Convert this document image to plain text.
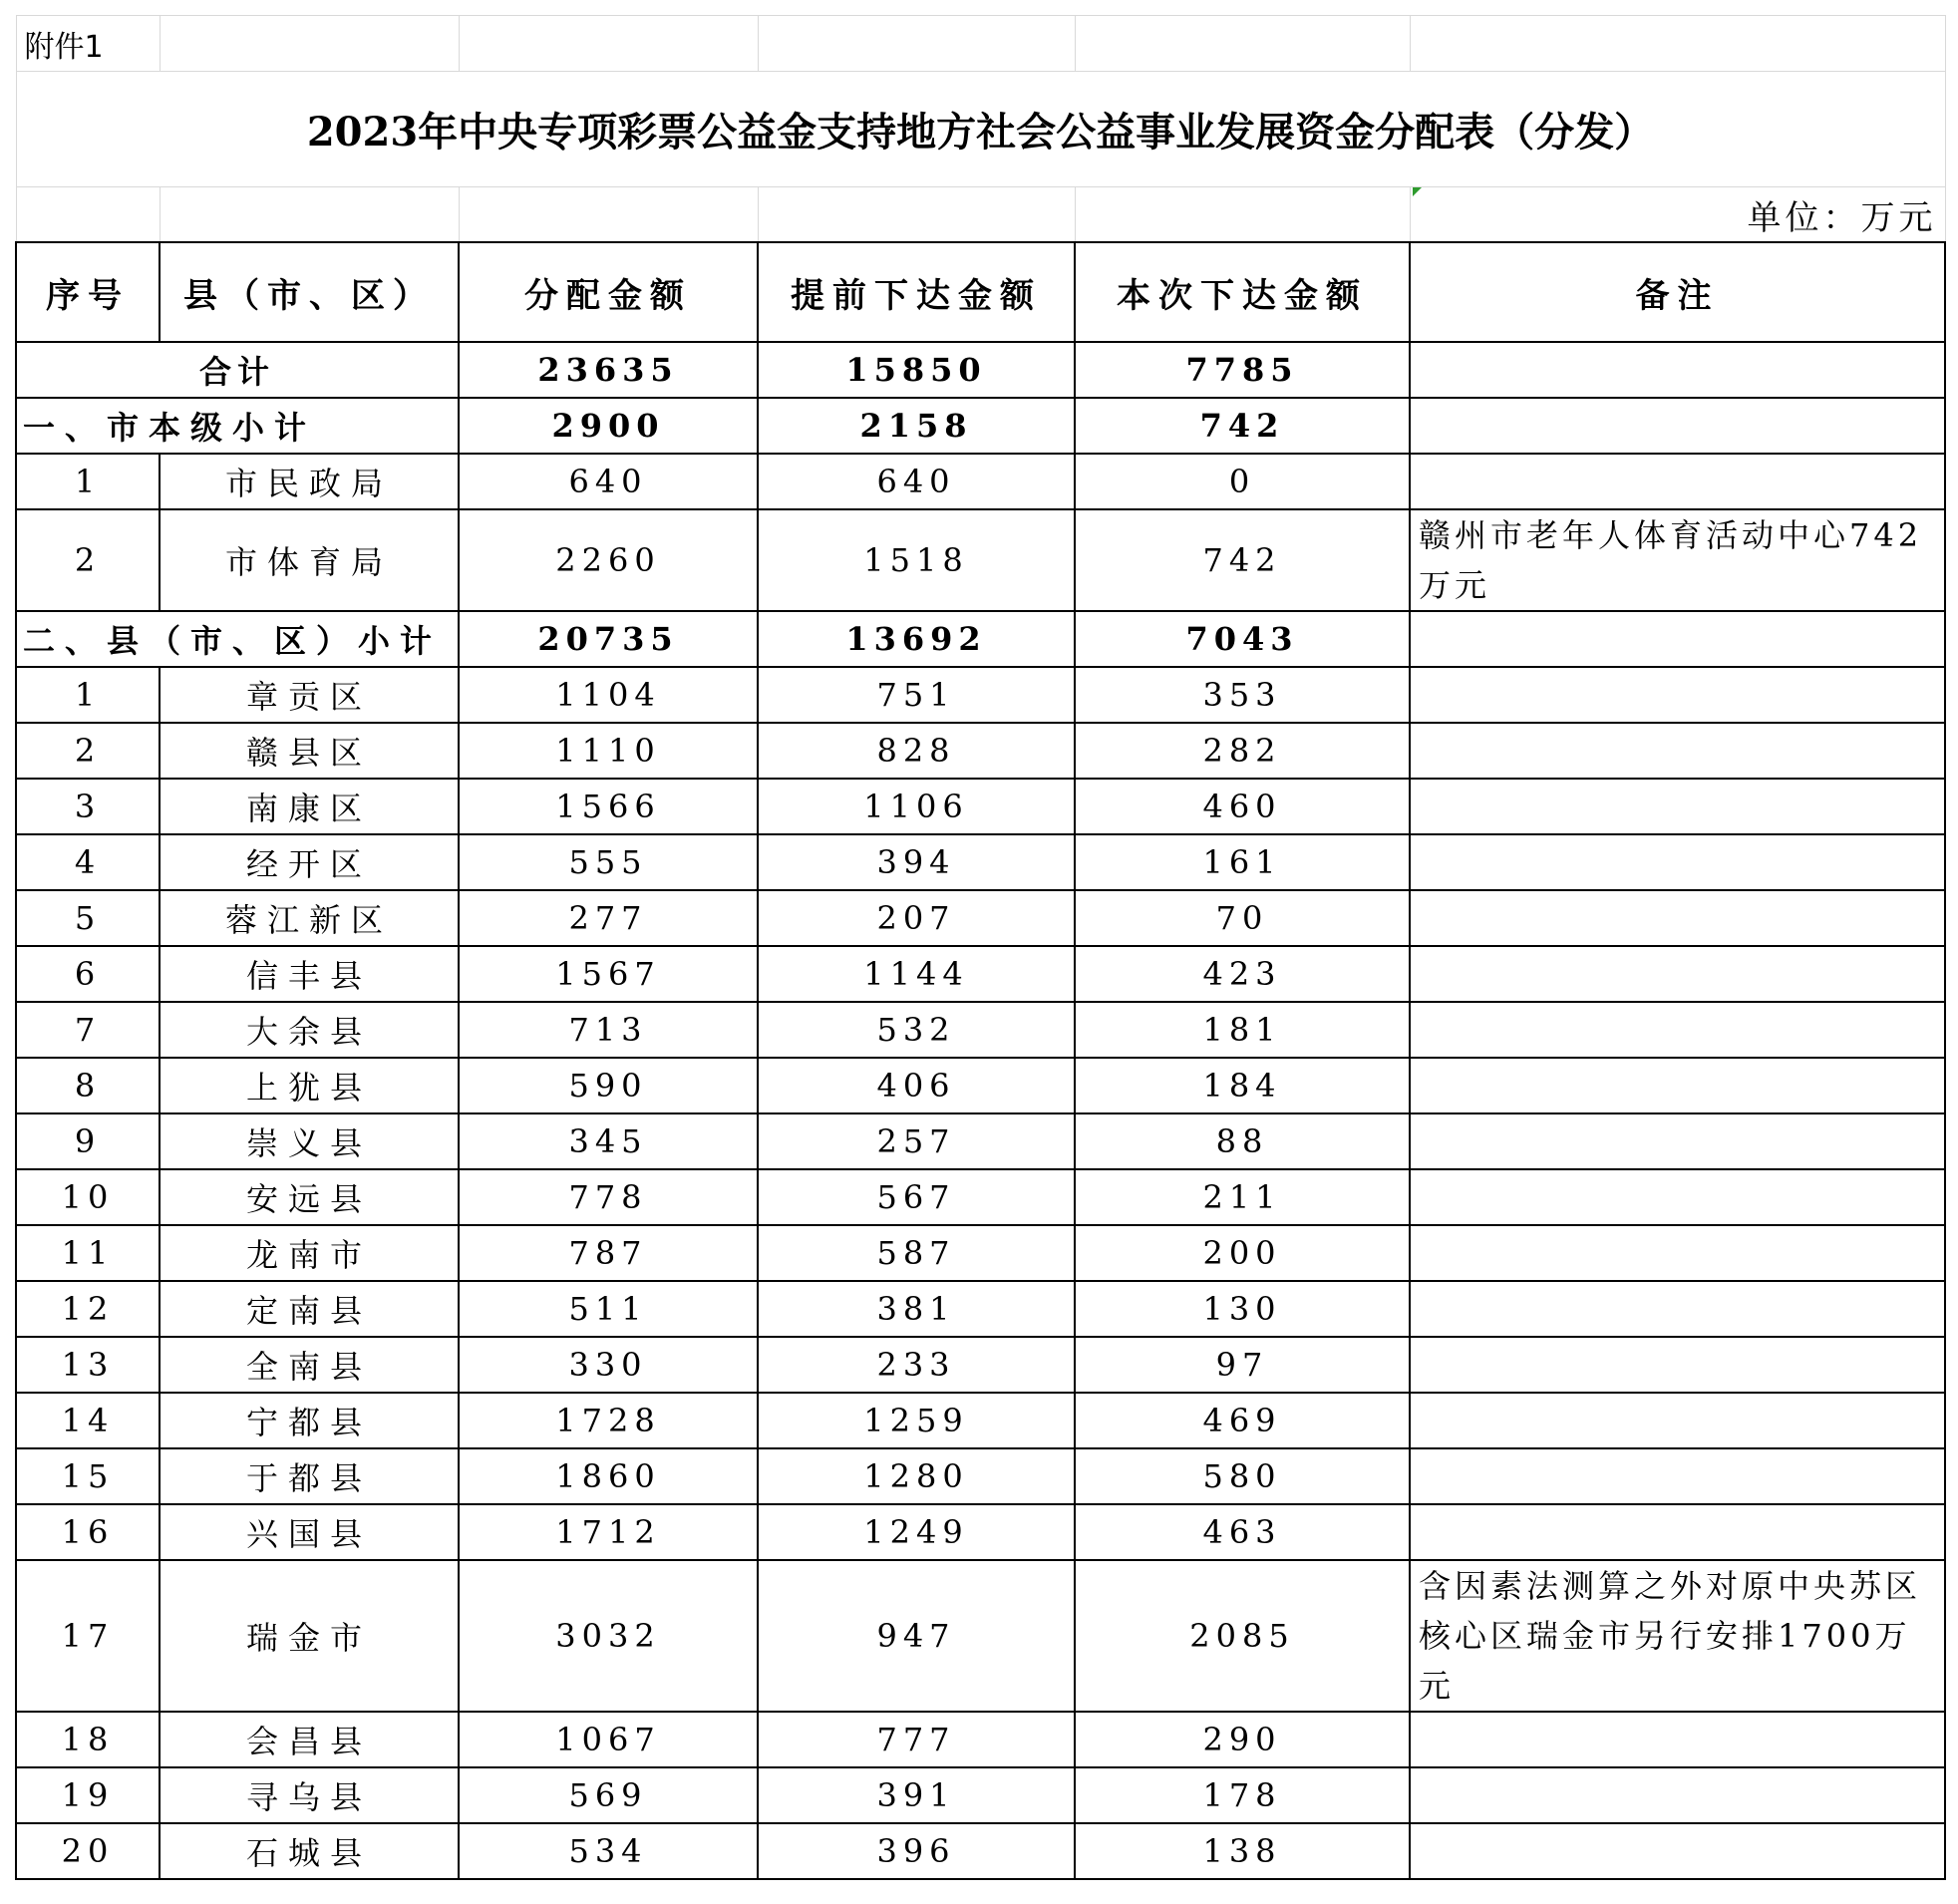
附件1					
2023年中央专项彩票公益金支持地方社会公益事业发展资金分配表（分发）					

单位：万元
序号	县（市、区）	分配金额	提前下达金额	本次下达金额	备注
合计		23635	15850	7785	
一、市本级小计		2900	2158	742	
1	市民政局	640	640	0	
2	市体育局	2260	1518	742	赣州市老年人体育活动中心742万元
二、县（市、区）小计		20735	13692	7043	
1	章贡区	1104	751	353	
2	赣县区	1110	828	282	
3	南康区	1566	1106	460	
4	经开区	555	394	161	
5	蓉江新区	277	207	70	
6	信丰县	1567	1144	423	
7	大余县	713	532	181	
8	上犹县	590	406	184	
9	崇义县	345	257	88	
10	安远县	778	567	211	
11	龙南市	787	587	200	
12	定南县	511	381	130	
13	全南县	330	233	97	
14	宁都县	1728	1259	469	
15	于都县	1860	1280	580	
16	兴国县	1712	1249	463	
17	瑞金市	3032	947	2085	含因素法测算之外对原中央苏区核心区瑞金市另行安排1700万元
18	会昌县	1067	777	290	
19	寻乌县	569	391	178	
20	石城县	534	396	138	
